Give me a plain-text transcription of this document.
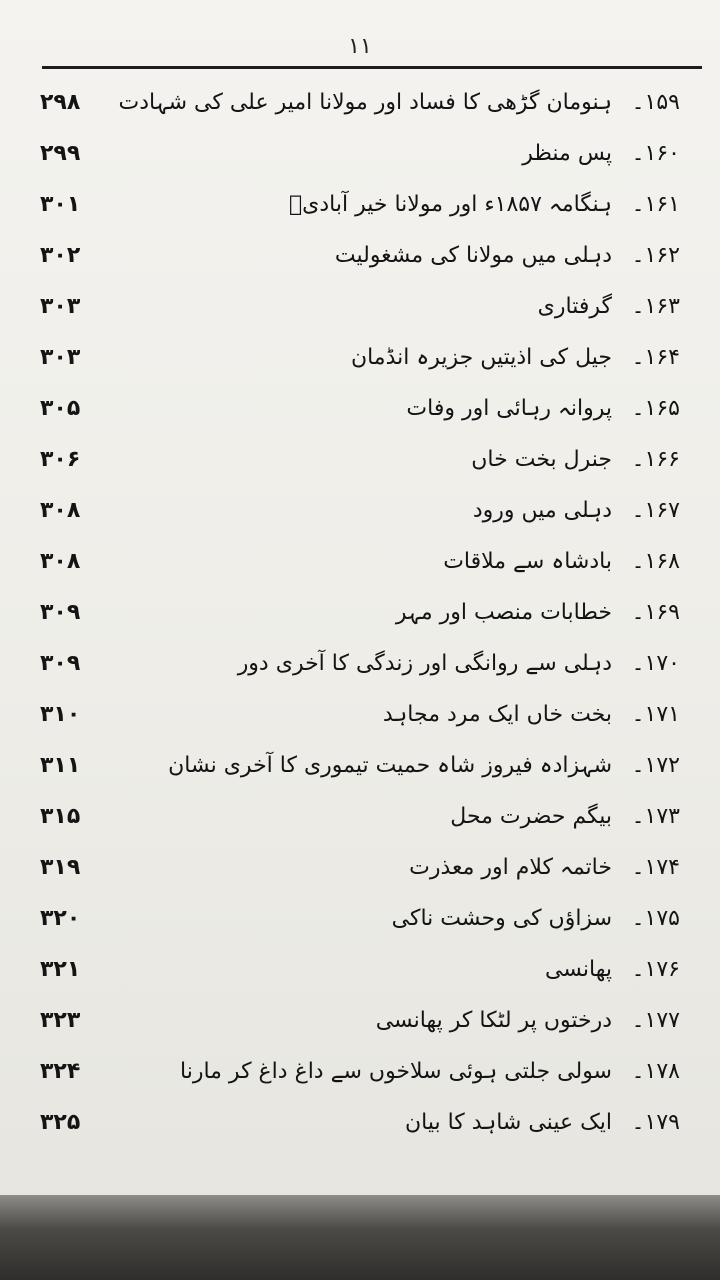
۱۱
۱۵۹۔ہنومان گڑھی کا فساد اور مولانا امیر علی کی شہادت
۲۹۸
۱۶۰۔پس منظر
۲۹۹
۱۶۱۔ہنگامہ ۱۸۵۷ء اور مولانا خیر آبادیؒ
۳۰۱
۱۶۲۔دہلی میں مولانا کی مشغولیت
۳۰۲
۱۶۳۔گرفتاری
۳۰۳
۱۶۴۔جیل کی اذیتیں جزیرہ انڈمان
۳۰۳
۱۶۵۔پروانہ رہائی اور وفات
۳۰۵
۱۶۶۔جنرل بخت خاں
۳۰۶
۱۶۷۔دہلی میں ورود
۳۰۸
۱۶۸۔بادشاہ سے ملاقات
۳۰۸
۱۶۹۔خطابات منصب اور مہر
۳۰۹
۱۷۰۔دہلی سے روانگی اور زندگی کا آخری دور
۳۰۹
۱۷۱۔بخت خاں ایک مرد مجاہد
۳۱۰
۱۷۲۔شہزادہ فیروز شاہ حمیت تیموری کا آخری نشان
۳۱۱
۱۷۳۔بیگم حضرت محل
۳۱۵
۱۷۴۔خاتمہ کلام اور معذرت
۳۱۹
۱۷۵۔سزاؤں کی وحشت ناکی
۳۲۰
۱۷۶۔پھانسی
۳۲۱
۱۷۷۔درختوں پر لٹکا کر پھانسی
۳۲۳
۱۷۸۔سولی جلتی ہوئی سلاخوں سے داغ داغ کر مارنا
۳۲۴
۱۷۹۔ایک عینی شاہد کا بیان
۳۲۵
